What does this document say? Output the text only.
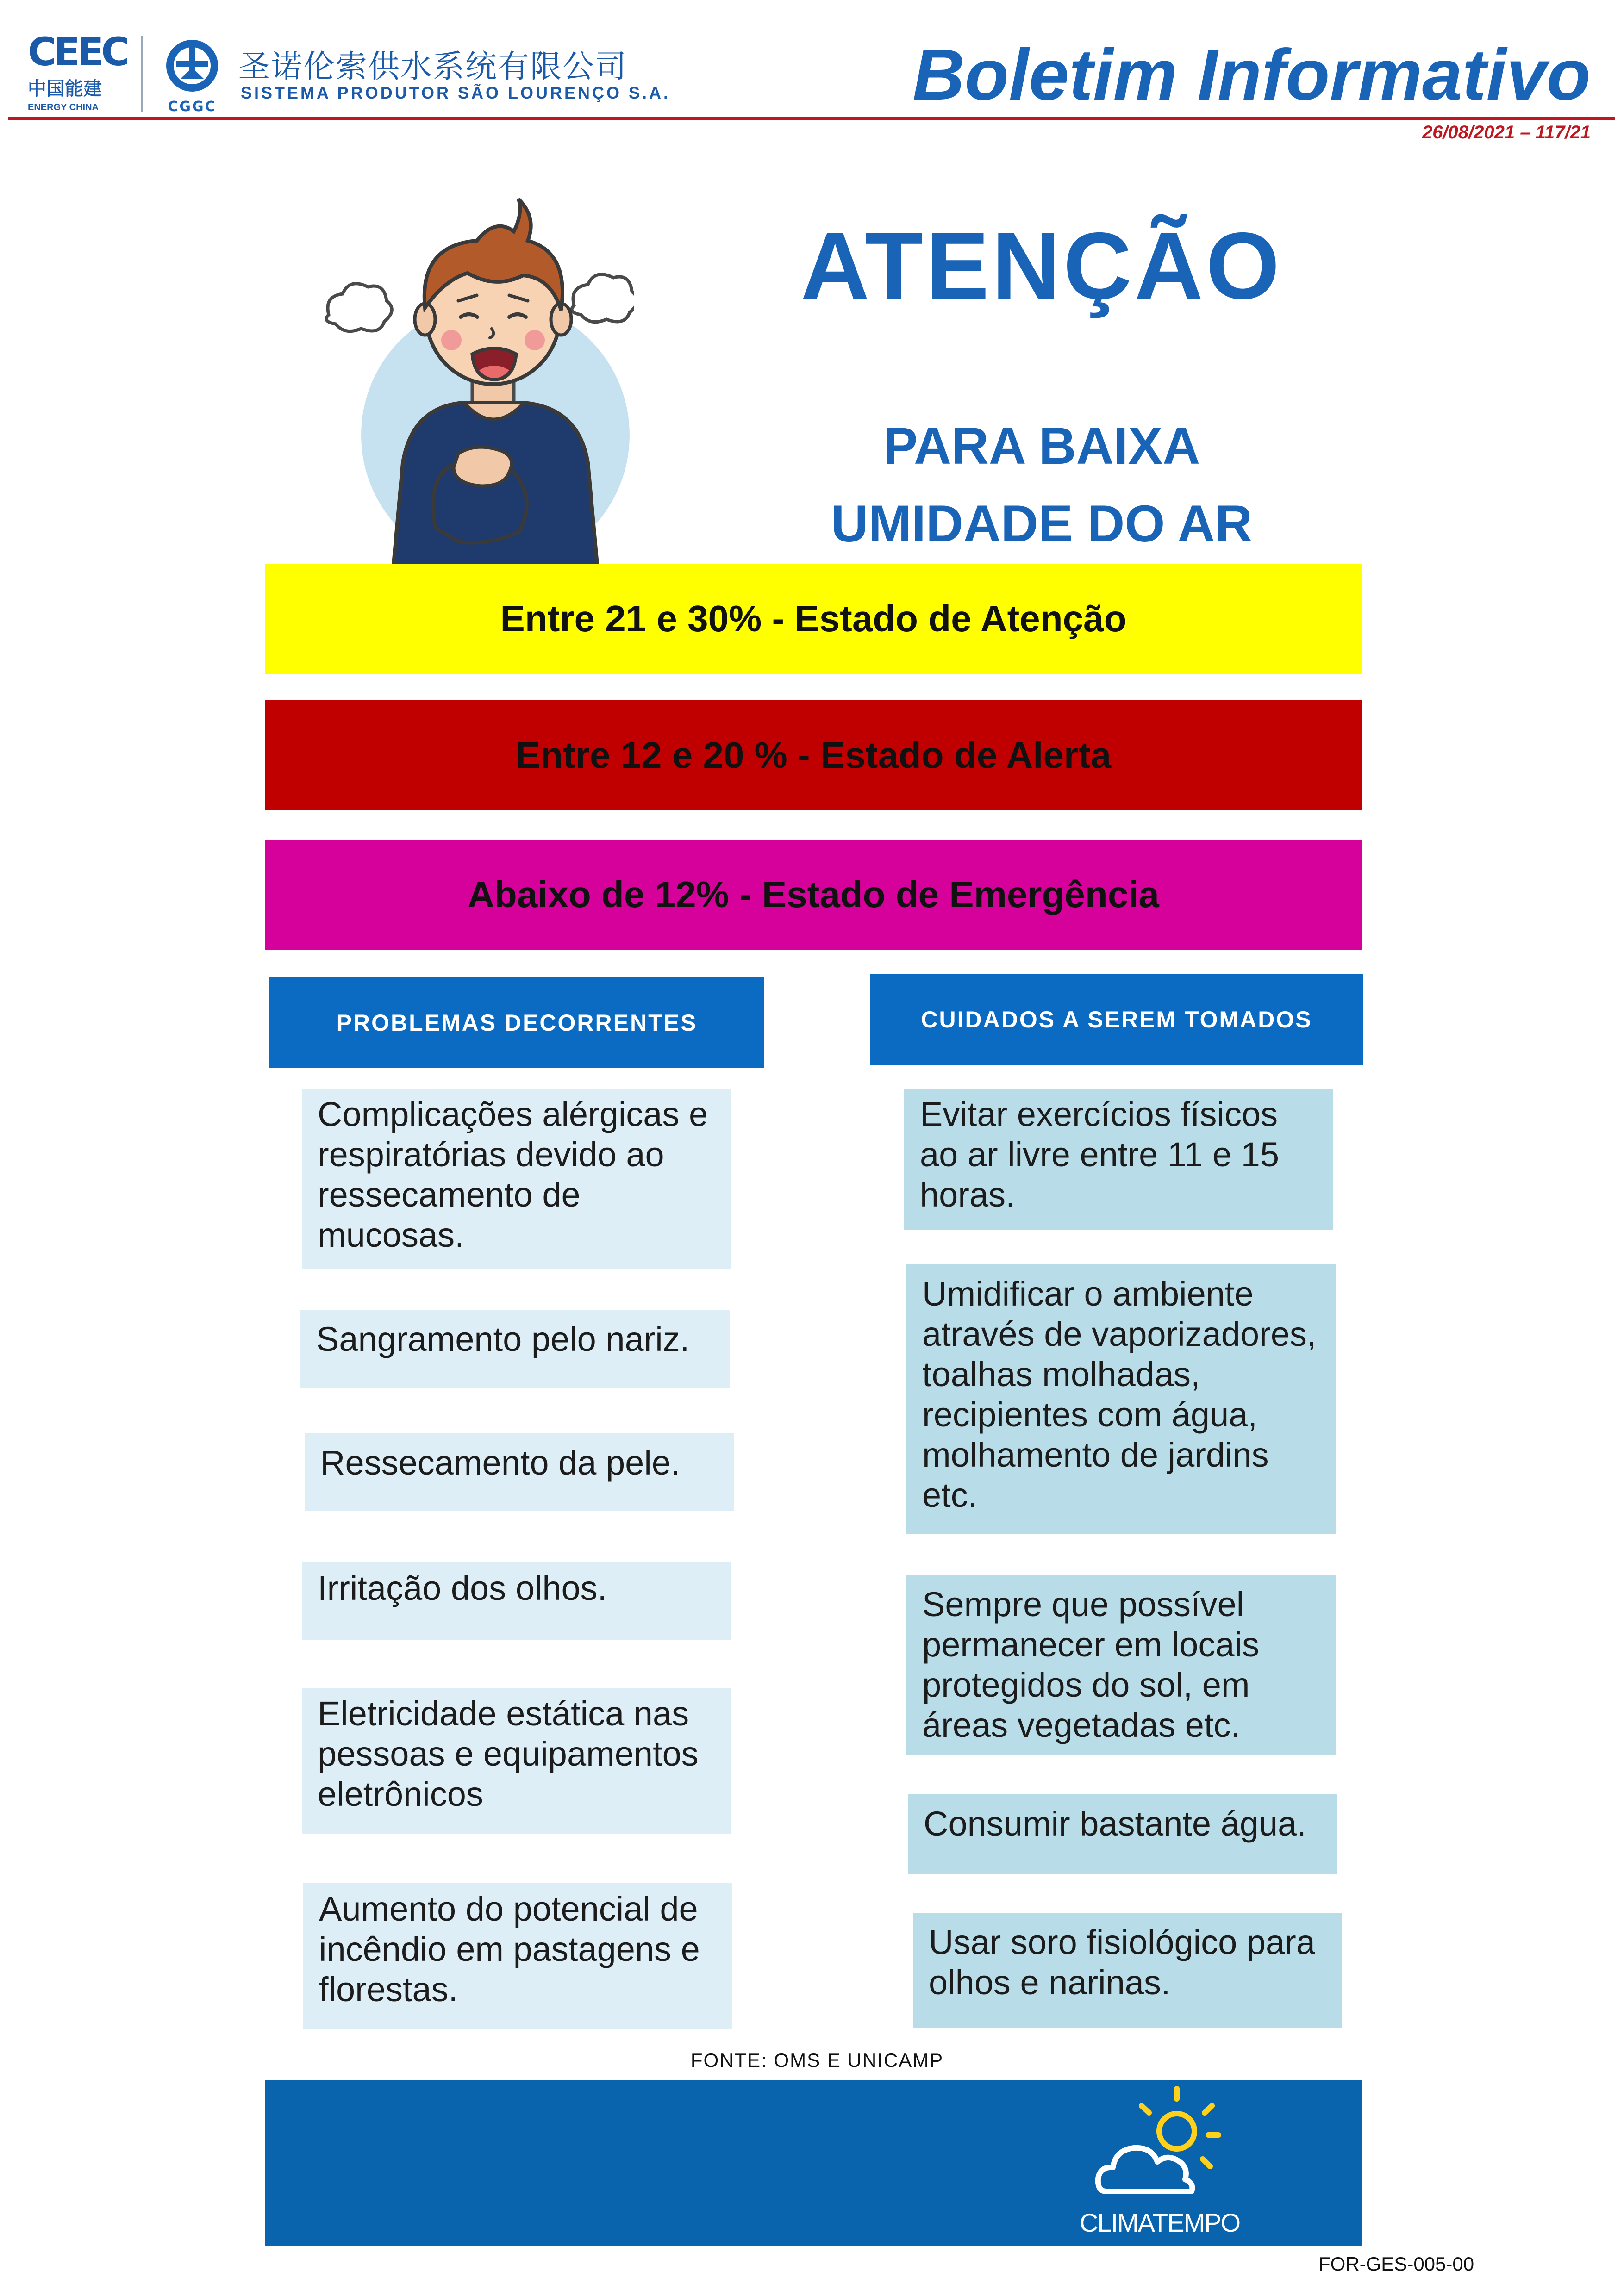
CEEC
中国能建
ENERGY CHINA	CGGC
圣诺伦索供水系统有限公司
SISTEMA PRODUTOR SÃO LOURENÇO S.A.	Boletim Informativo
26/08/2021 – 117/21
ATENÇÃO
PARA BAIXA
UMIDADE DO AR
Entre 21 e 30% - Estado de Atenção
Entre 12 e 20 % - Estado de Alerta
Abaixo de 12% - Estado de Emergência
PROBLEMAS DECORRENTES	CUIDADOS A SEREM TOMADOS
Complicações alérgicas e respiratórias devido ao ressecamento de mucosas.
Sangramento pelo nariz.
Ressecamento da pele.
Irritação dos olhos.
Eletricidade estática nas pessoas e equipamentos eletrônicos
Aumento do potencial de incêndio em pastagens e florestas.
Evitar exercícios físicos ao ar livre entre 11 e 15 horas.
Umidificar o ambiente através de vaporizadores, toalhas molhadas, recipientes com água, molhamento de jardins etc.
Sempre que possível permanecer em locais protegidos do sol, em áreas vegetadas etc.
Consumir bastante água.
Usar soro fisiológico para olhos e narinas.
FONTE: OMS E UNICAMP
CLIMATEMPO
FOR-GES-005-00
